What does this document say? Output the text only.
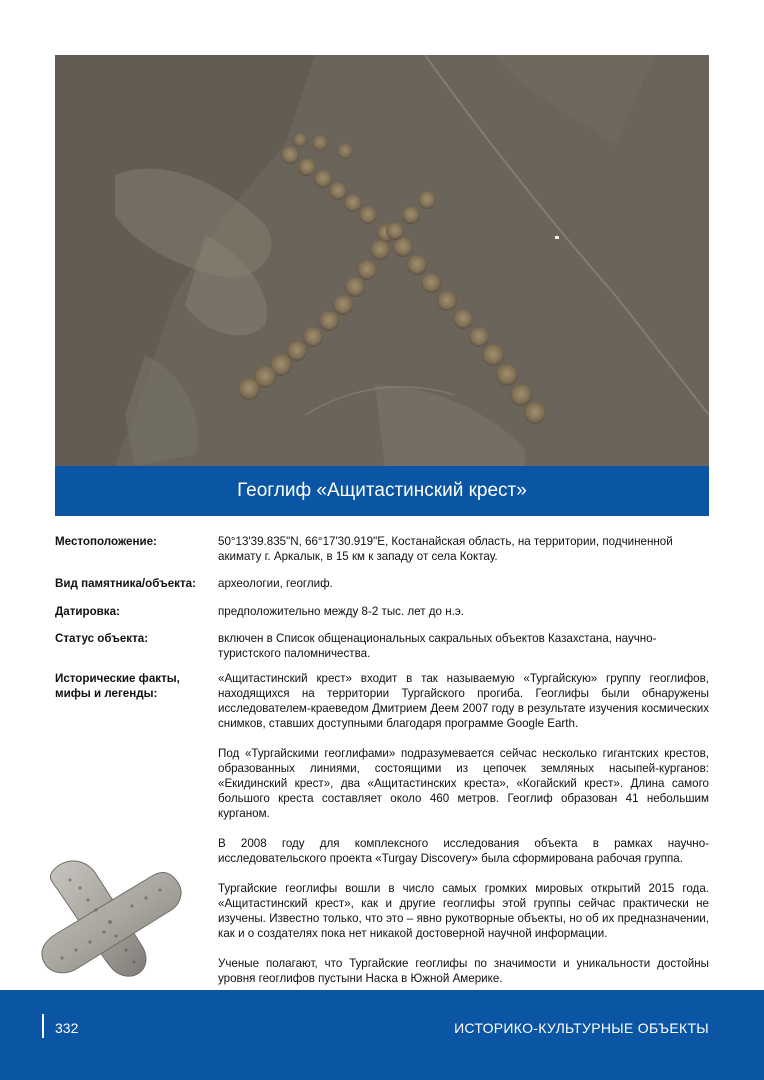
Геоглиф «Ащитастинский крест»
Местоположение:	50°13'39.835"N, 66°17'30.919"E, Костанайская область, на территории, подчиненной акимату г. Аркалык, в 15 км к западу от села Коктау.
Вид памятника/объекта:	археологии, геоглиф.
Датировка:	предположительно между 8-2 тыс. лет до н.э.
Статус объекта:	включен в Список общенациональных сакральных объектов Казахстана, научно-туристского паломничества.
Исторические факты, мифы и легенды:

«Ащитастинский крест» входит в так называемую «Тургайскую» группу геоглифов, находящихся на территории Тургайского прогиба. Геоглифы были обнаружены исследователем-краеведом Дмитрием Деем 2007 году в результате изучения космических снимков, ставших доступными благодаря программе Google Earth.

Под «Тургайскими геоглифами» подразумевается сейчас несколько гигантских крестов, образованных линиями, состоящими из цепочек земляных насыпей-курганов: «Екидинский крест», два «Ащитастинских креста», «Когайский крест». Длина самого большого креста составляет около 460 метров. Геоглиф образован 41 небольшим курганом.

В 2008 году для комплексного исследования объекта в рамках научно-исследовательского проекта «Turgay Discovery» была сформирована рабочая группа.

Тургайские геоглифы вошли в число самых громких мировых открытий 2015 года. «Ащитастинский крест», как и другие геоглифы этой группы сейчас практически не изучены. Известно только, что это – явно рукотворные объекты, но об их предназначении, как и о создателях пока нет никакой достоверной научной информации.

Ученые полагают, что Тургайские геоглифы по значимости и уникальности достойны уровня геоглифов пустыни Наска в Южной Америке.

332	ИСТОРИКО-КУЛЬТУРНЫЕ ОБЪЕКТЫ
